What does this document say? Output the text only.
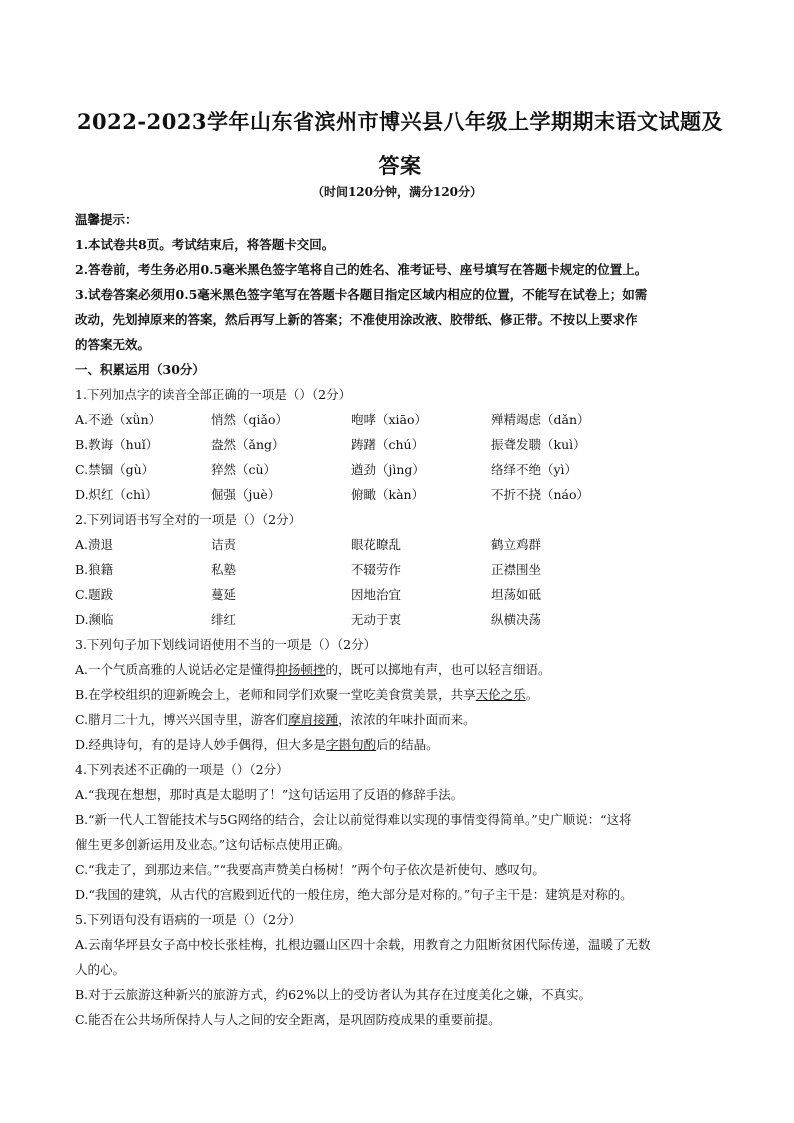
2022-2023学年山东省滨州市博兴县八年级上学期期末语文试题及答案
（时间120分钟，满分120分）
温馨提示：
1.本试卷共8页。考试结束后，将答题卡交回。
2.答卷前，考生务必用0.5毫米黑色签字笔将自己的姓名、准考证号、座号填写在答题卡规定的位置上。
3.试卷答案必须用0.5毫米黑色签字笔写在答题卡各题目指定区域内相应的位置，不能写在试卷上；如需
改动，先划掉原来的答案，然后再写上新的答案；不准使用涂改液、胶带纸、修正带。不按以上要求作
的答案无效。
一、积累运用（30分）
1.下列加点字的读音全部正确的一项是（）（2分）
A.不逊（xǜn）	悄然（qiǎo）	咆哮（xiāo）	殚精竭虑（dǎn）
B.教诲（huǐ）	盎然（ǎng）	踌躇（chú）	振聋发聩（kuì）
C.禁锢（gù）	猝然（cù）	遒劲（jìng）	络绎不绝（yì）
D.炽红（chì）	倔强（juè）	俯瞰（kàn）	不折不挠（náo）
2.下列词语书写全对的一项是（）（2分）
A.溃退	诘责	眼花瞭乱	鹤立鸡群
B.狼籍	私塾	不辍劳作	正襟围坐
C.题跋	蔓延	因地治宜	坦荡如砥
D.濒临	绯红	无动于衷	纵横决荡
3.下列句子加下划线词语使用不当的一项是（）（2分）
A.一个气质高雅的人说话必定是懂得抑扬顿挫的，既可以掷地有声，也可以轻言细语。
B.在学校组织的迎新晚会上，老师和同学们欢聚一堂吃美食赏美景，共享天伦之乐。
C.腊月二十九，博兴兴国寺里，游客们摩肩接踵，浓浓的年味扑面而来。
D.经典诗句，有的是诗人妙手偶得，但大多是字斟句酌后的结晶。
4.下列表述不正确的一项是（）（2分）
A.“我现在想想，那时真是太聪明了！”这句话运用了反语的修辞手法。
B.“新一代人工智能技术与5G网络的结合，会让以前觉得难以实现的事情变得简单。”史广顺说：“这将
催生更多创新运用及业态。”这句话标点使用正确。
C.“我走了，到那边来信。”“我要高声赞美白杨树！”两个句子依次是祈使句、感叹句。
D.“我国的建筑，从古代的宫殿到近代的一般住房，绝大部分是对称的。”句子主干是：建筑是对称的。
5.下列语句没有语病的一项是（）（2分）
A.云南华坪县女子高中校长张桂梅，扎根边疆山区四十余载，用教育之力阻断贫困代际传递，温暖了无数
人的心。
B.对于云旅游这种新兴的旅游方式，约62%以上的受访者认为其存在过度美化之嫌，不真实。
C.能否在公共场所保持人与人之间的安全距离，是巩固防疫成果的重要前提。
